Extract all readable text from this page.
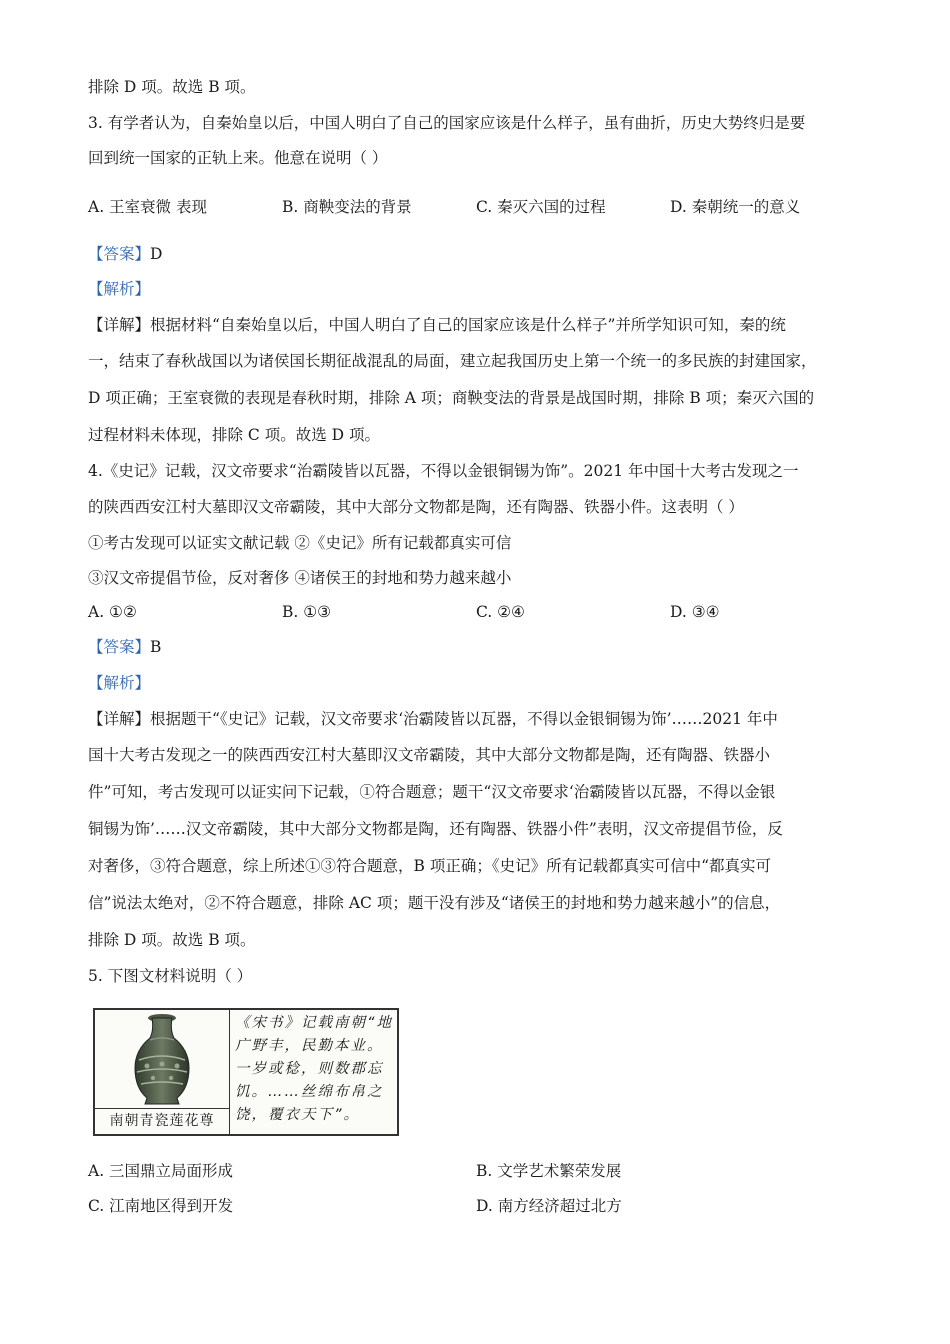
排除 D 项。故选 B 项。
3. 有学者认为，自秦始皇以后，中国人明白了自己的国家应该是什么样子，虽有曲折，历史大势终归是要
回到统一国家的正轨上来。他意在说明（ ）
A. 王室衰微 表现	B. 商鞅变法的背景	C. 秦灭六国的过程	D. 秦朝统一的意义
【答案】D
【解析】
【详解】根据材料“自秦始皇以后，中国人明白了自己的国家应该是什么样子”并所学知识可知，秦的统
一，结束了春秋战国以为诸侯国长期征战混乱的局面，建立起我国历史上第一个统一的多民族的封建国家，
D 项正确；王室衰微的表现是春秋时期，排除 A 项；商鞅变法的背景是战国时期，排除 B 项；秦灭六国的
过程材料未体现，排除 C 项。故选 D 项。
4.《史记》记载，汉文帝要求“治霸陵皆以瓦器，不得以金银铜锡为饰”。2021 年中国十大考古发现之一
的陕西西安江村大墓即汉文帝霸陵，其中大部分文物都是陶，还有陶器、铁器小件。这表明（ ）
①考古发现可以证实文献记载 ②《史记》所有记载都真实可信
③汉文帝提倡节俭，反对奢侈 ④诸侯王的封地和势力越来越小
A. ①②	B. ①③	C. ②④	D. ③④
【答案】B
【解析】
【详解】根据题干“《史记》记载，汉文帝要求‘治霸陵皆以瓦器，不得以金银铜锡为饰’……2021 年中
国十大考古发现之一的陕西西安江村大墓即汉文帝霸陵，其中大部分文物都是陶，还有陶器、铁器小
件”可知，考古发现可以证实问下记载，①符合题意；题干“汉文帝要求‘治霸陵皆以瓦器，不得以金银
铜锡为饰’……汉文帝霸陵，其中大部分文物都是陶，还有陶器、铁器小件”表明，汉文帝提倡节俭，反
对奢侈，③符合题意，综上所述①③符合题意，B 项正确；《史记》所有记载都真实可信中“都真实可
信”说法太绝对，②不符合题意，排除 AC 项；题干没有涉及“诸侯王的封地和势力越来越小”的信息，
排除 D 项。故选 B 项。
5. 下图文材料说明（ ）
南朝青瓷莲花尊
《宋书》记载南朝“地广野丰，民勤本业。一岁或稔，则数郡忘饥。……丝绵布帛之饶，覆衣天下”。
A. 三国鼎立局面形成	B. 文学艺术繁荣发展
C. 江南地区得到开发	D. 南方经济超过北方
